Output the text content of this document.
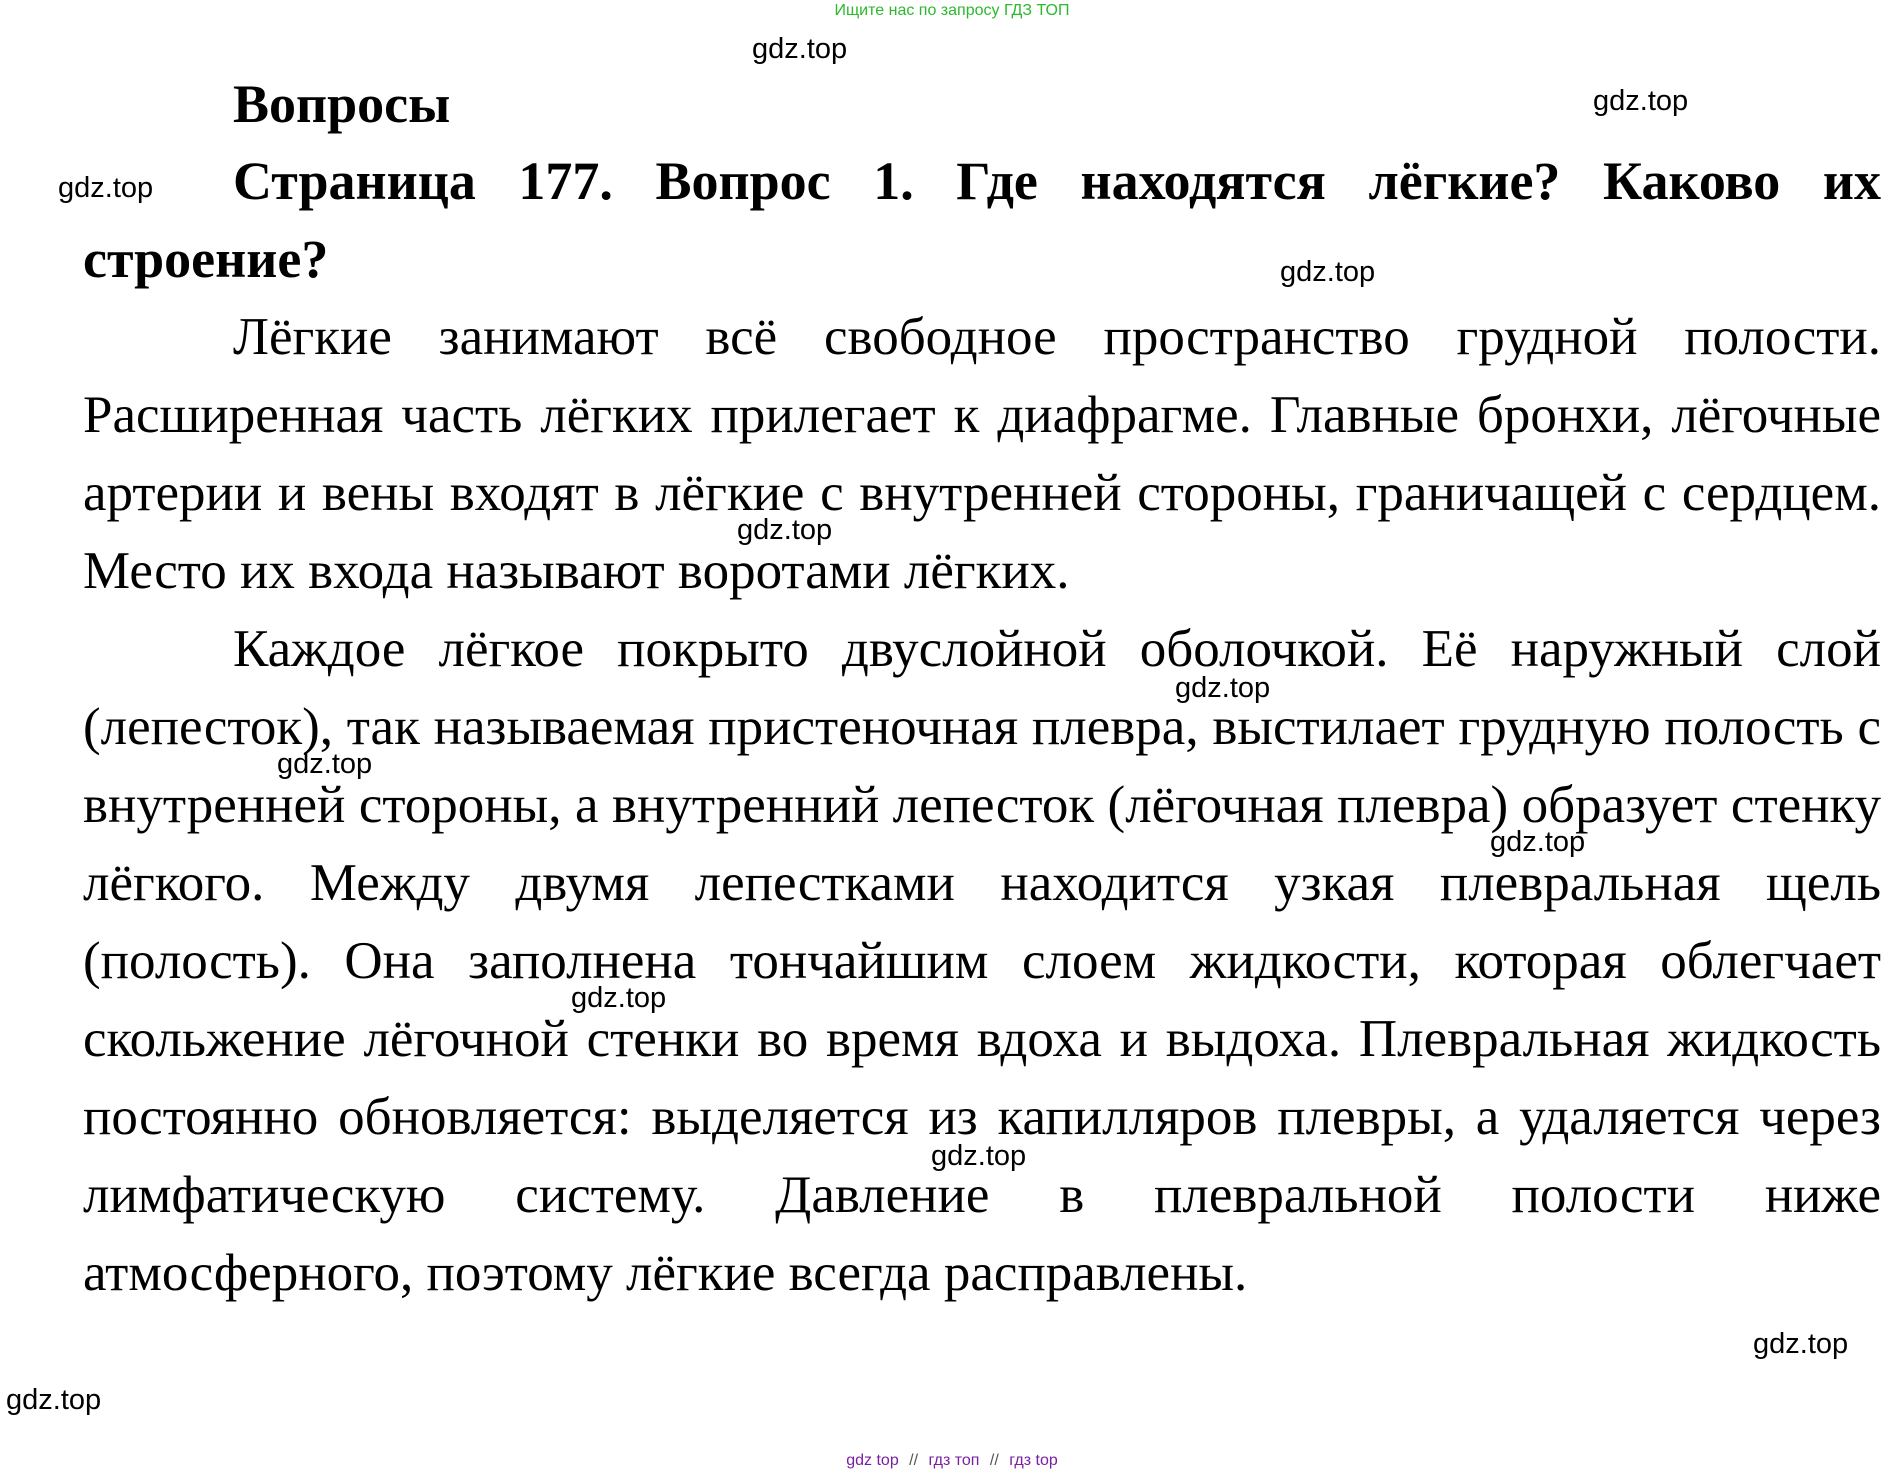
Ищите нас по запросу ГДЗ ТОП
Вопросы

Страница 177. Вопрос 1. Где находятся лёгкие? Каково их строение?

Лёгкие занимают всё свободное пространство грудной полости. Расширенная часть лёгких прилегает к диафрагме. Главные бронхи, лёгочные артерии и вены входят в лёгкие с внутренней стороны, граничащей с сердцем. Место их входа называют воротами лёгких.

Каждое лёгкое покрыто двуслойной оболочкой. Её наружный слой (лепесток), так называемая пристеночная плевра, выстилает грудную полость с внутренней стороны, а внутренний лепесток (лёгочная плевра) образует стенку лёгкого. Между двумя лепестками находится узкая плевральная щель (полость). Она заполнена тончайшим слоем жидкости, которая облегчает скольжение лёгочной стенки во время вдоха и выдоха. Плевральная жидкость постоянно обновляется: выделяется из капилляров плевры, а удаляется через лимфатическую систему. Давление в плевральной полости ниже атмосферного, поэтому лёгкие всегда расправлены.

gdz.top
gdz.top
gdz.top
gdz.top
gdz.top
gdz.top
gdz.top
gdz.top
gdz.top
gdz.top
gdz.top
gdz.top
gdz top // гдз топ // гдз top
